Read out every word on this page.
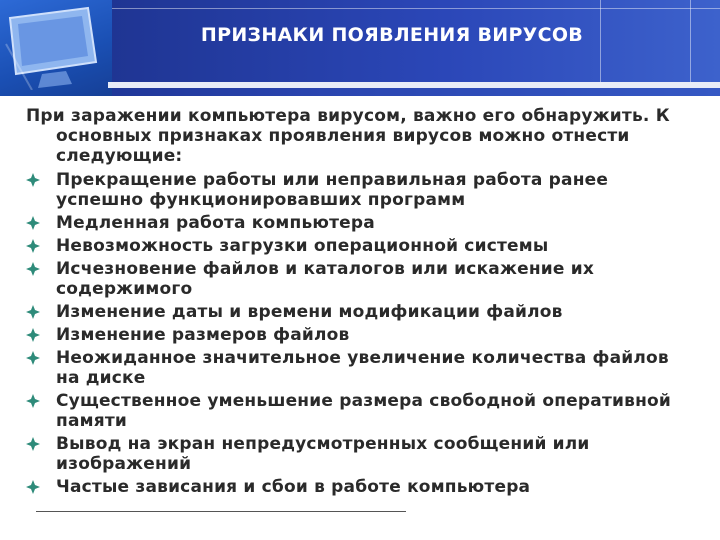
ПРИЗНАКИ ПОЯВЛЕНИЯ ВИРУСОВ
При заражении компьютера вирусом, важно его обнаружить. К
основных признаках проявления вирусов можно отнести
следующие:
Прекращение работы или неправильная работа ранее
успешно функционировавших программ
Медленная работа компьютера
Невозможность загрузки операционной системы
Исчезновение файлов и каталогов или искажение их
содержимого
Изменение даты и времени модификации файлов
Изменение размеров файлов
Неожиданное значительное увеличение количества файлов
на диске
Существенное уменьшение размера свободной оперативной
памяти
Вывод на экран непредусмотренных сообщений или
изображений
Частые зависания и сбои в работе компьютера
